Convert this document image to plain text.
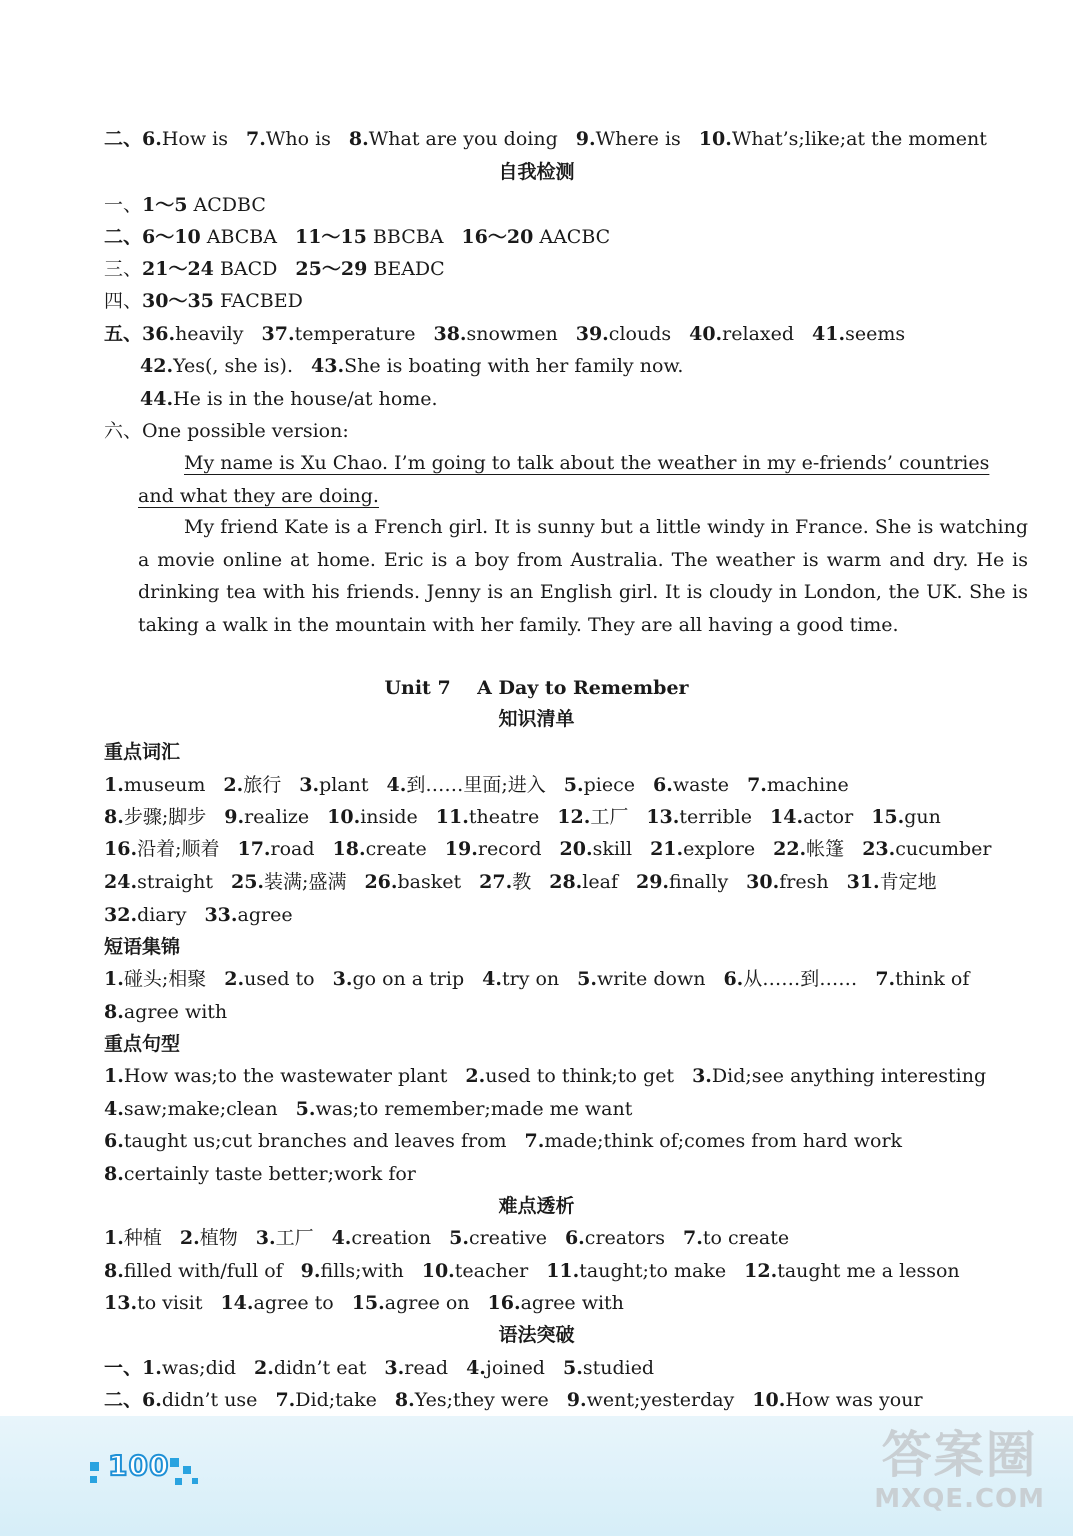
二、6.How is 7.Who is 8.What are you doing 9.Where is 10.What’s;like;at the moment
自我检测
一、1～5 ACDBC
二、6～10 ABCBA 11～15 BBCBA 16～20 AACBC
三、21～24 BACD 25～29 BEADC
四、30～35 FACBED
五、36.heavily 37.temperature 38.snowmen 39.clouds 40.relaxed 41.seems
42.Yes(, she is). 43.She is boating with her family now.
44.He is in the house/at home.
六、One possible version:
My name is Xu Chao. I’m going to talk about the weather in my e-friends’ countries
and what they are doing.
My friend Kate is a French girl. It is sunny but a little windy in France. She is watching a movie online at home. Eric is a boy from Australia. The weather is warm and dry. He is drinking tea with his friends. Jenny is an English girl. It is cloudy in London, the UK. She is taking a walk in the mountain with her family. They are all having a good time.
Unit 7    A Day to Remember
知识清单
重点词汇
1.museum 2.旅行 3.plant 4.到……里面;进入 5.piece 6.waste 7.machine
8.步骤;脚步 9.realize 10.inside 11.theatre 12.工厂 13.terrible 14.actor 15.gun
16.沿着;顺着 17.road 18.create 19.record 20.skill 21.explore 22.帐篷 23.cucumber
24.straight 25.装满;盛满 26.basket 27.教 28.leaf 29.finally 30.fresh 31.肯定地
32.diary 33.agree
短语集锦
1.碰头;相聚 2.used to 3.go on a trip 4.try on 5.write down 6.从……到…… 7.think of
8.agree with
重点句型
1.How was;to the wastewater plant 2.used to think;to get 3.Did;see anything interesting
4.saw;make;clean 5.was;to remember;made me want
6.taught us;cut branches and leaves from 7.made;think of;comes from hard work
8.certainly taste better;work for
难点透析
1.种植 2.植物 3.工厂 4.creation 5.creative 6.creators 7.to create
8.filled with/full of 9.fills;with 10.teacher 11.taught;to make 12.taught me a lesson
13.to visit 14.agree to 15.agree on 16.agree with
语法突破
一、1.was;did 2.didn’t eat 3.read 4.joined 5.studied
二、6.didn’t use 7.Did;take 8.Yes;they were 9.went;yesterday 10.How was your
100	答案圈
MXQE.COM
